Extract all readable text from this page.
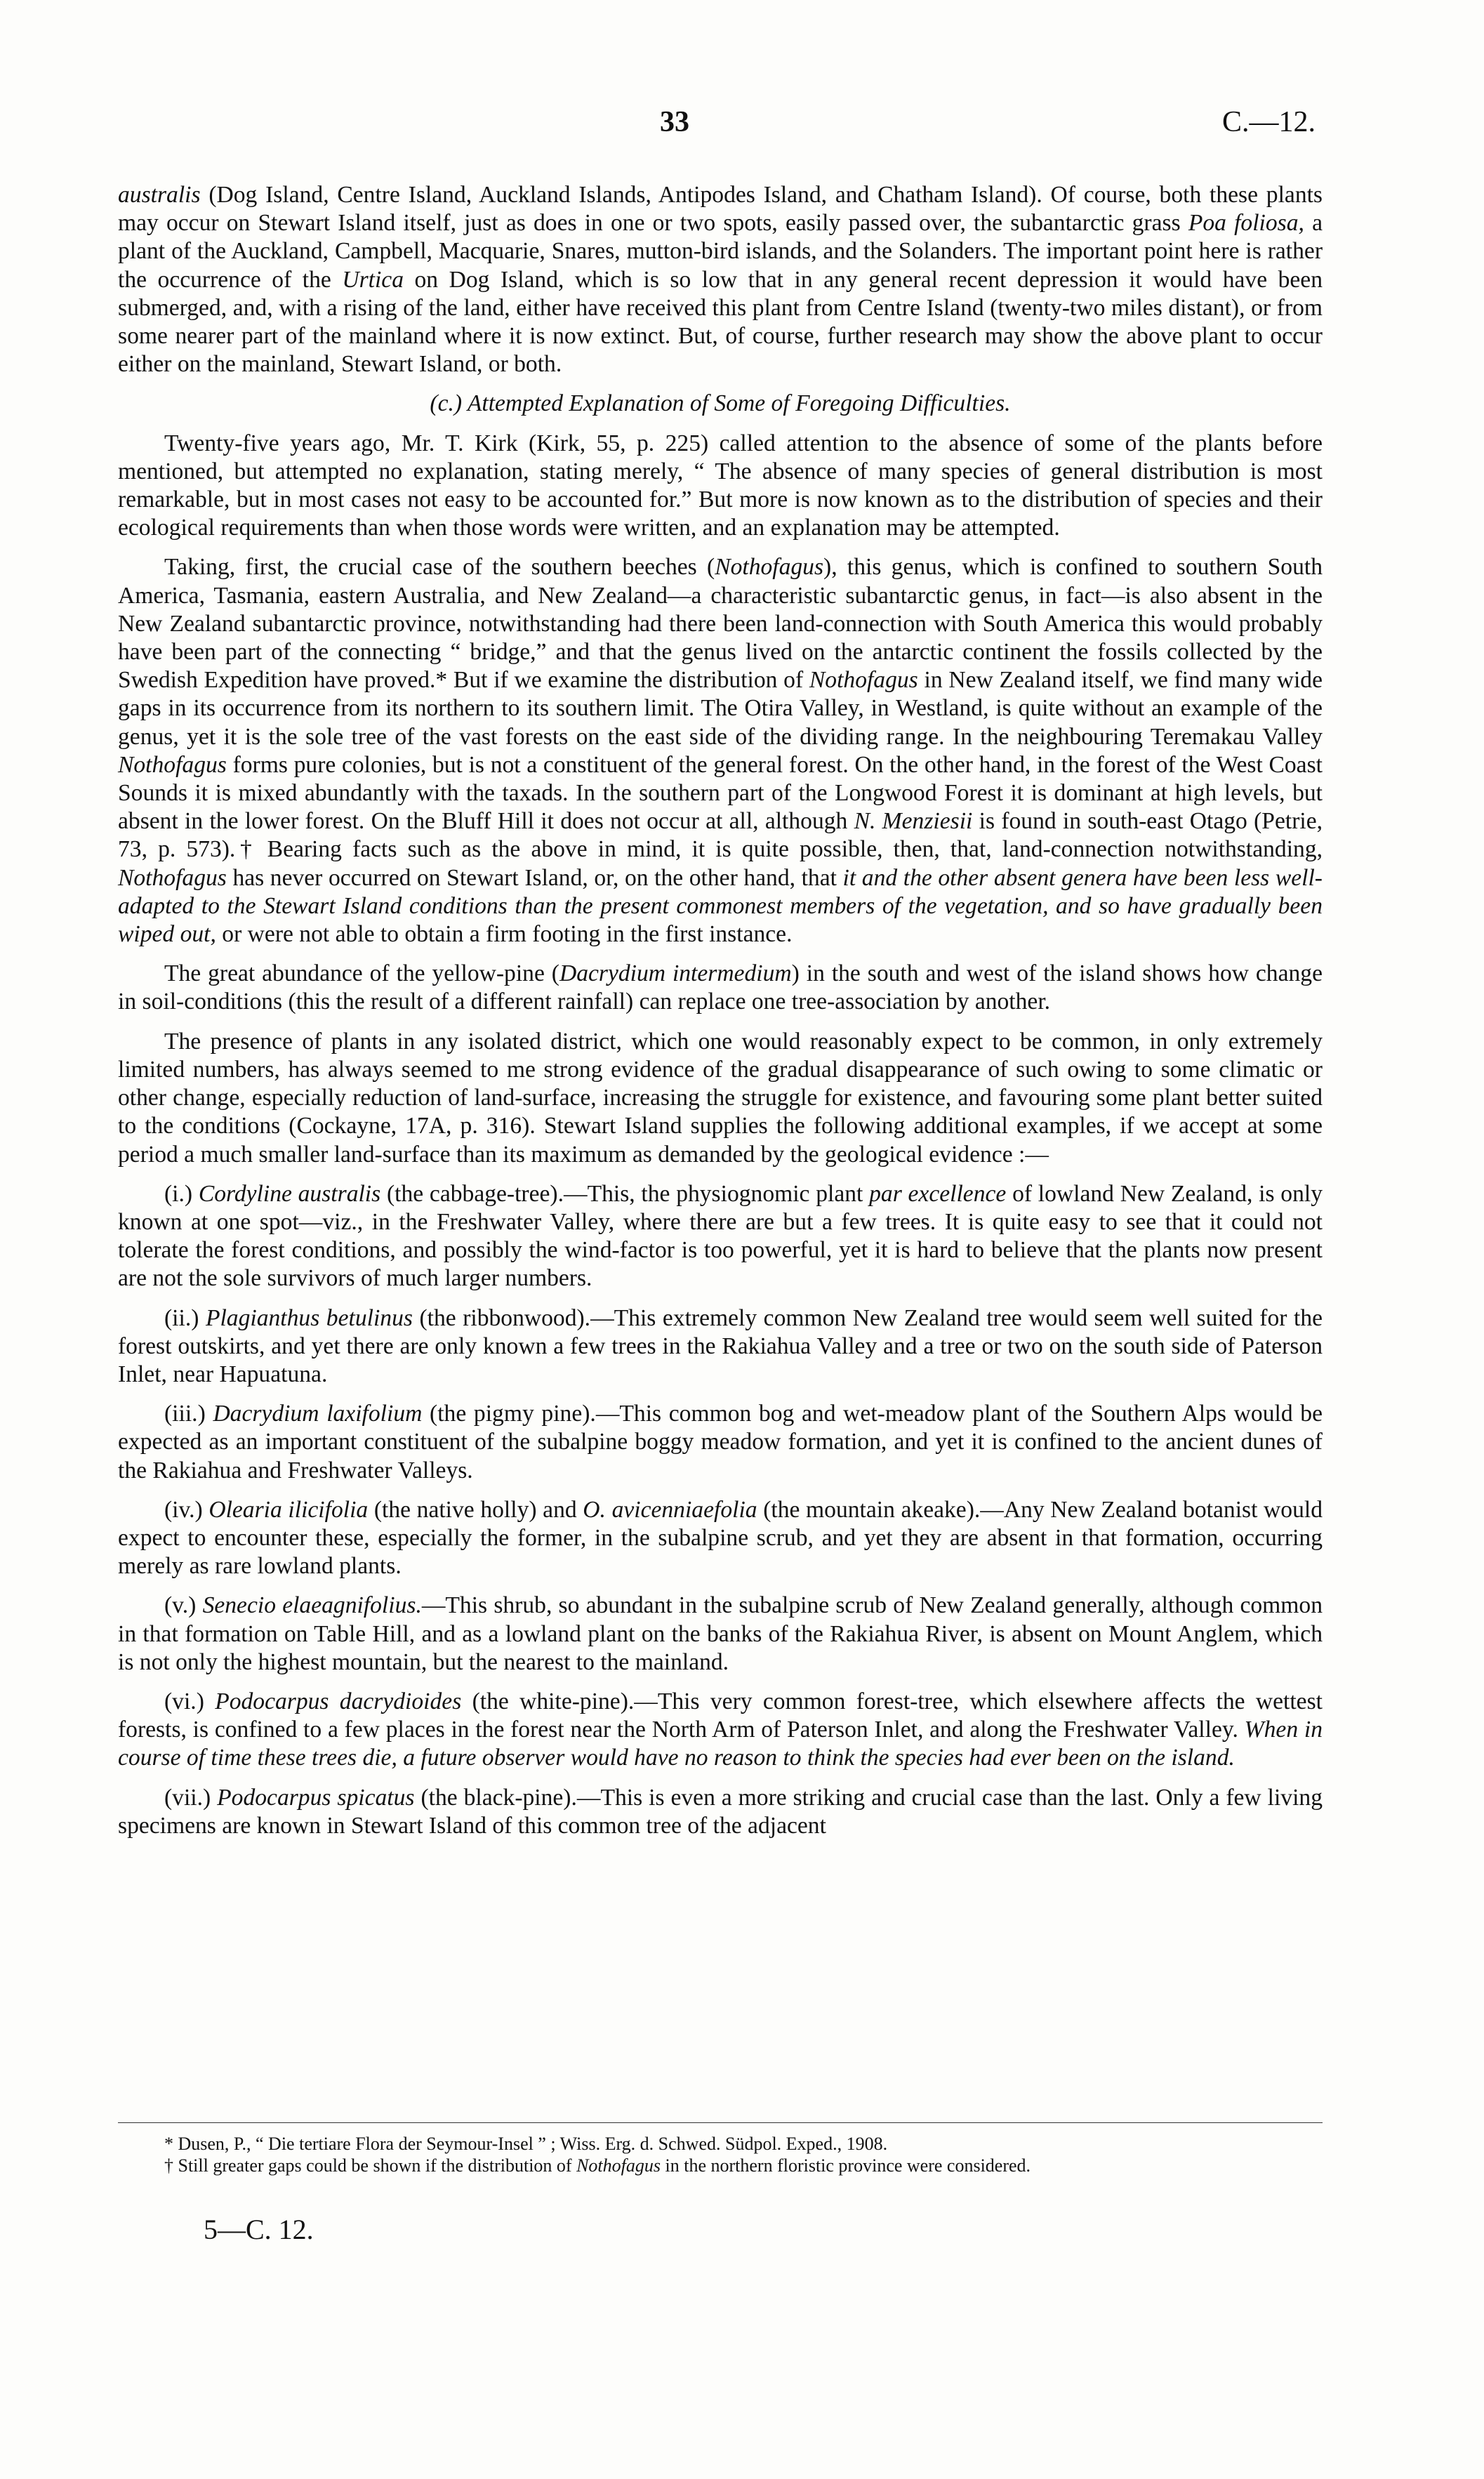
33	C.—12.

australis (Dog Island, Centre Island, Auckland Islands, Antipodes Island, and Chatham Island). Of course, both these plants may occur on Stewart Island itself, just as does in one or two spots, easily passed over, the subantarctic grass Poa foliosa, a plant of the Auckland, Campbell, Macquarie, Snares, mutton-bird islands, and the Solanders. The important point here is rather the occurrence of the Urtica on Dog Island, which is so low that in any general recent depression it would have been submerged, and, with a rising of the land, either have received this plant from Centre Island (twenty-two miles distant), or from some nearer part of the mainland where it is now extinct. But, of course, further research may show the above plant to occur either on the mainland, Stewart Island, or both.

(c.) Attempted Explanation of Some of Foregoing Difficulties.

Twenty-five years ago, Mr. T. Kirk (Kirk, 55, p. 225) called attention to the absence of some of the plants before mentioned, but attempted no explanation, stating merely, “ The absence of many species of general distribution is most remarkable, but in most cases not easy to be accounted for.” But more is now known as to the distribution of species and their ecological requirements than when those words were written, and an explanation may be attempted.

Taking, first, the crucial case of the southern beeches (Nothofagus), this genus, which is confined to southern South America, Tasmania, eastern Australia, and New Zealand—a characteristic subantarctic genus, in fact—is also absent in the New Zealand subantarctic province, notwithstanding had there been land-connection with South America this would probably have been part of the connecting “ bridge,” and that the genus lived on the antarctic continent the fossils collected by the Swedish Expedition have proved.* But if we examine the distribution of Nothofagus in New Zealand itself, we find many wide gaps in its occurrence from its northern to its southern limit. The Otira Valley, in Westland, is quite without an example of the genus, yet it is the sole tree of the vast forests on the east side of the dividing range. In the neighbouring Teremakau Valley Nothofagus forms pure colonies, but is not a constituent of the general forest. On the other hand, in the forest of the West Coast Sounds it is mixed abundantly with the taxads. In the southern part of the Longwood Forest it is dominant at high levels, but absent in the lower forest. On the Bluff Hill it does not occur at all, although N. Menziesii is found in south-east Otago (Petrie, 73, p. 573).† Bearing facts such as the above in mind, it is quite possible, then, that, land-connection notwithstanding, Nothofagus has never occurred on Stewart Island, or, on the other hand, that it and the other absent genera have been less well-adapted to the Stewart Island conditions than the present commonest members of the vegetation, and so have gradually been wiped out, or were not able to obtain a firm footing in the first instance.

The great abundance of the yellow-pine (Dacrydium intermedium) in the south and west of the island shows how change in soil-conditions (this the result of a different rainfall) can replace one tree-association by another.

The presence of plants in any isolated district, which one would reasonably expect to be common, in only extremely limited numbers, has always seemed to me strong evidence of the gradual disappearance of such owing to some climatic or other change, especially reduction of land-surface, increasing the struggle for existence, and favouring some plant better suited to the conditions (Cockayne, 17A, p. 316). Stewart Island supplies the following additional examples, if we accept at some period a much smaller land-surface than its maximum as demanded by the geological evidence :—

(i.) Cordyline australis (the cabbage-tree).—This, the physiognomic plant par excellence of lowland New Zealand, is only known at one spot—viz., in the Freshwater Valley, where there are but a few trees. It is quite easy to see that it could not tolerate the forest conditions, and possibly the wind-factor is too powerful, yet it is hard to believe that the plants now present are not the sole survivors of much larger numbers.

(ii.) Plagianthus betulinus (the ribbonwood).—This extremely common New Zealand tree would seem well suited for the forest outskirts, and yet there are only known a few trees in the Rakiahua Valley and a tree or two on the south side of Paterson Inlet, near Hapuatuna.

(iii.) Dacrydium laxifolium (the pigmy pine).—This common bog and wet-meadow plant of the Southern Alps would be expected as an important constituent of the subalpine boggy meadow formation, and yet it is confined to the ancient dunes of the Rakiahua and Freshwater Valleys.

(iv.) Olearia ilicifolia (the native holly) and O. avicenniaefolia (the mountain akeake).—Any New Zealand botanist would expect to encounter these, especially the former, in the subalpine scrub, and yet they are absent in that formation, occurring merely as rare lowland plants.

(v.) Senecio elaeagnifolius.—This shrub, so abundant in the subalpine scrub of New Zealand generally, although common in that formation on Table Hill, and as a lowland plant on the banks of the Rakiahua River, is absent on Mount Anglem, which is not only the highest mountain, but the nearest to the mainland.

(vi.) Podocarpus dacrydioides (the white-pine).—This very common forest-tree, which elsewhere affects the wettest forests, is confined to a few places in the forest near the North Arm of Paterson Inlet, and along the Freshwater Valley. When in course of time these trees die, a future observer would have no reason to think the species had ever been on the island.

(vii.) Podocarpus spicatus (the black-pine).—This is even a more striking and crucial case than the last. Only a few living specimens are known in Stewart Island of this common tree of the adjacent

* Dusen, P., “ Die tertiare Flora der Seymour-Insel ” ; Wiss. Erg. d. Schwed. Südpol. Exped., 1908.

† Still greater gaps could be shown if the distribution of Nothofagus in the northern floristic province were considered.

5—C. 12.
